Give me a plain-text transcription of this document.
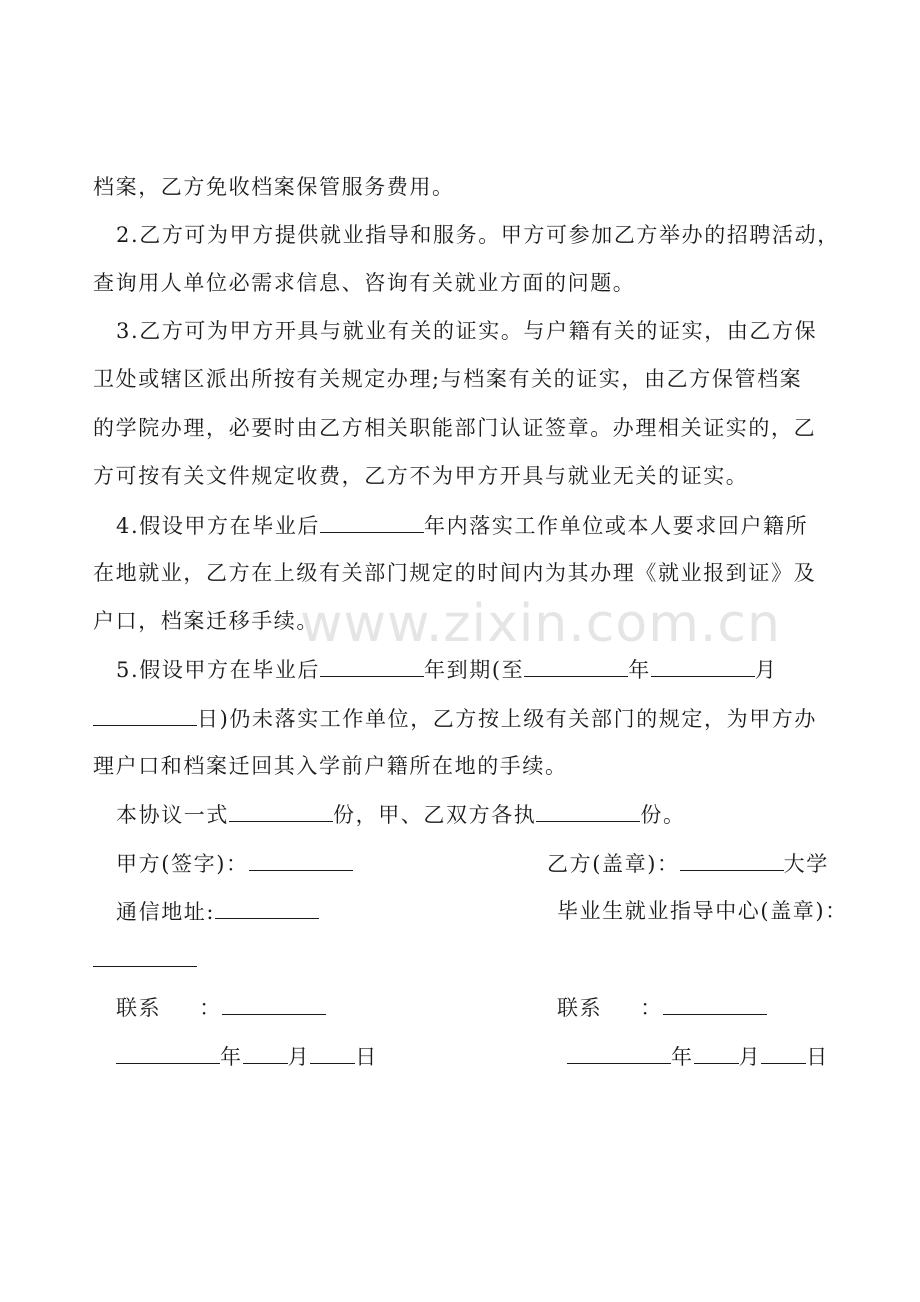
www.zixin.com.cn
档案，乙方免收档案保管服务费用。
2.乙方可为甲方提供就业指导和服务。甲方可参加乙方举办的招聘活动，
查询用人单位必需求信息、咨询有关就业方面的问题。
3.乙方可为甲方开具与就业有关的证实。与户籍有关的证实，由乙方保
卫处或辖区派出所按有关规定办理;与档案有关的证实，由乙方保管档案
的学院办理，必要时由乙方相关职能部门认证签章。办理相关证实的，乙
方可按有关文件规定收费，乙方不为甲方开具与就业无关的证实。
4.假设甲方在毕业后	年内落实工作单位或本人要求回户籍所
在地就业，乙方在上级有关部门规定的时间内为其办理《就业报到证》及
户口，档案迁移手续。
5.假设甲方在毕业后	年到期(至	年	月
日)仍未落实工作单位，乙方按上级有关部门的规定，为甲方办
理户口和档案迁回其入学前户籍所在地的手续。
本协议一式	份，甲、乙双方各执	份。
甲方(签字)：	乙方(盖章)：	大学
通信地址:	毕业生就业指导中心(盖章)：
联系 ：	联系 ：
年 月 日	年 月 日
